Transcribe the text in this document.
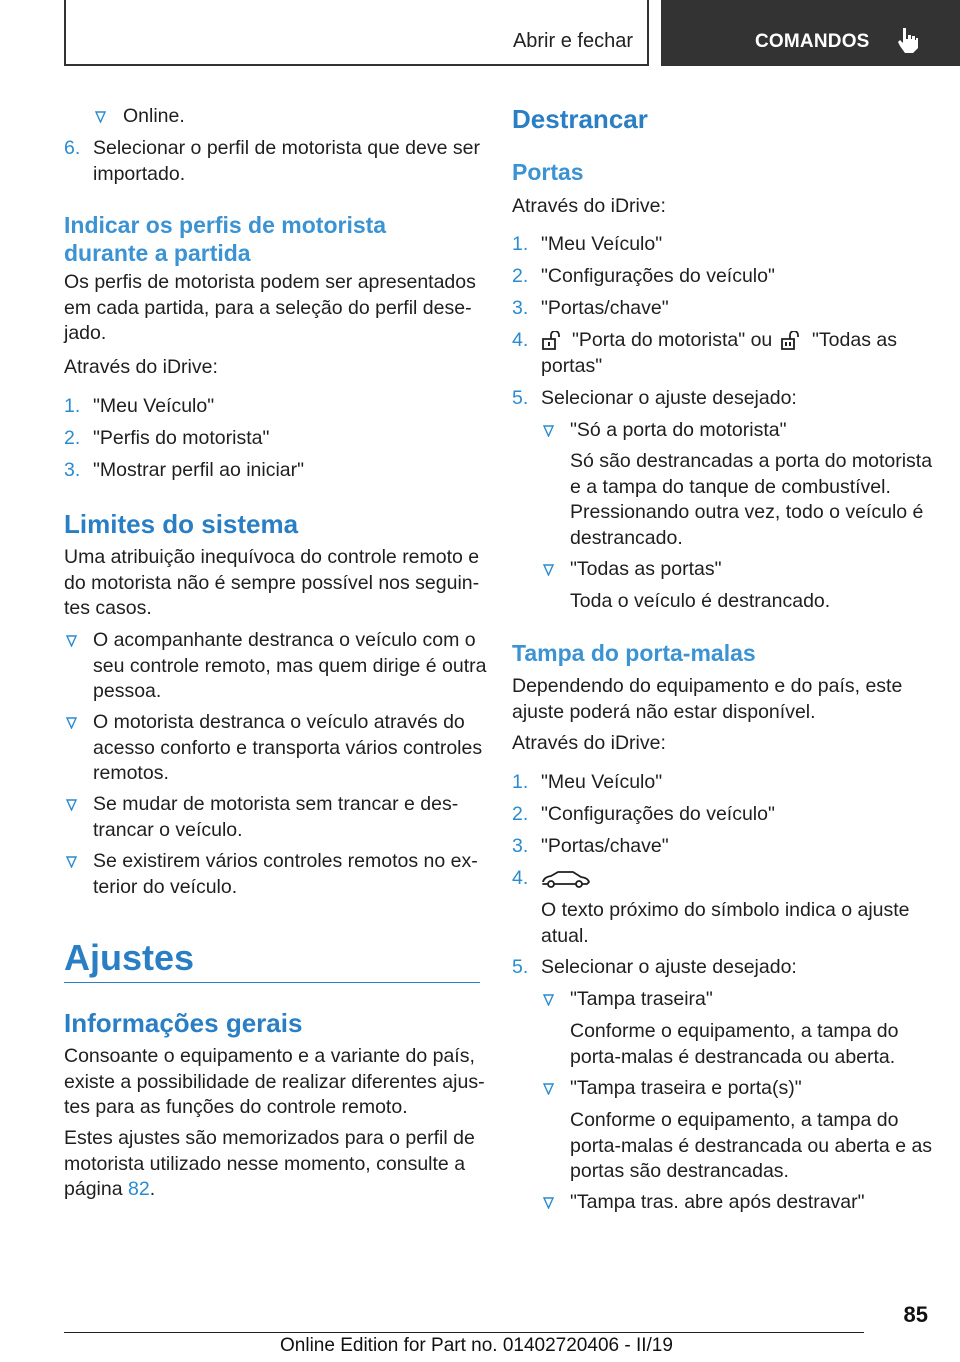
Abrir e fechar	COMANDOS
Online.
6. Selecionar o perfil de motorista que deve ser
importado.
Indicar os perfis de motorista
durante a partida
Os perfis de motorista podem ser apresentados
em cada partida, para a seleção do perfil dese-
jado.
Através do iDrive:
1. "Meu Veículo"
2. "Perfis do motorista"
3. "Mostrar perfil ao iniciar"
Limites do sistema
Uma atribuição inequívoca do controle remoto e
do motorista não é sempre possível nos seguin-
tes casos.
O acompanhante destranca o veículo com o
seu controle remoto, mas quem dirige é outra
pessoa.
O motorista destranca o veículo através do
acesso conforto e transporta vários controles
remotos.
Se mudar de motorista sem trancar e des-
trancar o veículo.
Se existirem vários controles remotos no ex-
terior do veículo.
Ajustes
Informações gerais
Consoante o equipamento e a variante do país,
existe a possibilidade de realizar diferentes ajus-
tes para as funções do controle remoto.
Estes ajustes são memorizados para o perfil de
motorista utilizado nesse momento, consulte a
página 82.
Destrancar
Portas
Através do iDrive:
1. "Meu Veículo"
2. "Configurações do veículo"
3. "Portas/chave"
4. "Porta do motorista" ou "Todas as
portas"
5. Selecionar o ajuste desejado:
"Só a porta do motorista"
Só são destrancadas a porta do motorista
e a tampa do tanque de combustível.
Pressionando outra vez, todo o veículo é
destrancado.
"Todas as portas"
Toda o veículo é destrancado.
Tampa do porta-malas
Dependendo do equipamento e do país, este
ajuste poderá não estar disponível.
Através do iDrive:
1. "Meu Veículo"
2. "Configurações do veículo"
3. "Portas/chave"
4.
O texto próximo do símbolo indica o ajuste
atual.
5. Selecionar o ajuste desejado:
"Tampa traseira"
Conforme o equipamento, a tampa do
porta-malas é destrancada ou aberta.
"Tampa traseira e porta(s)"
Conforme o equipamento, a tampa do
porta-malas é destrancada ou aberta e as
portas são destrancadas.
"Tampa tras. abre após destravar"
85
Online Edition for Part no. 01402720406 - II/19
